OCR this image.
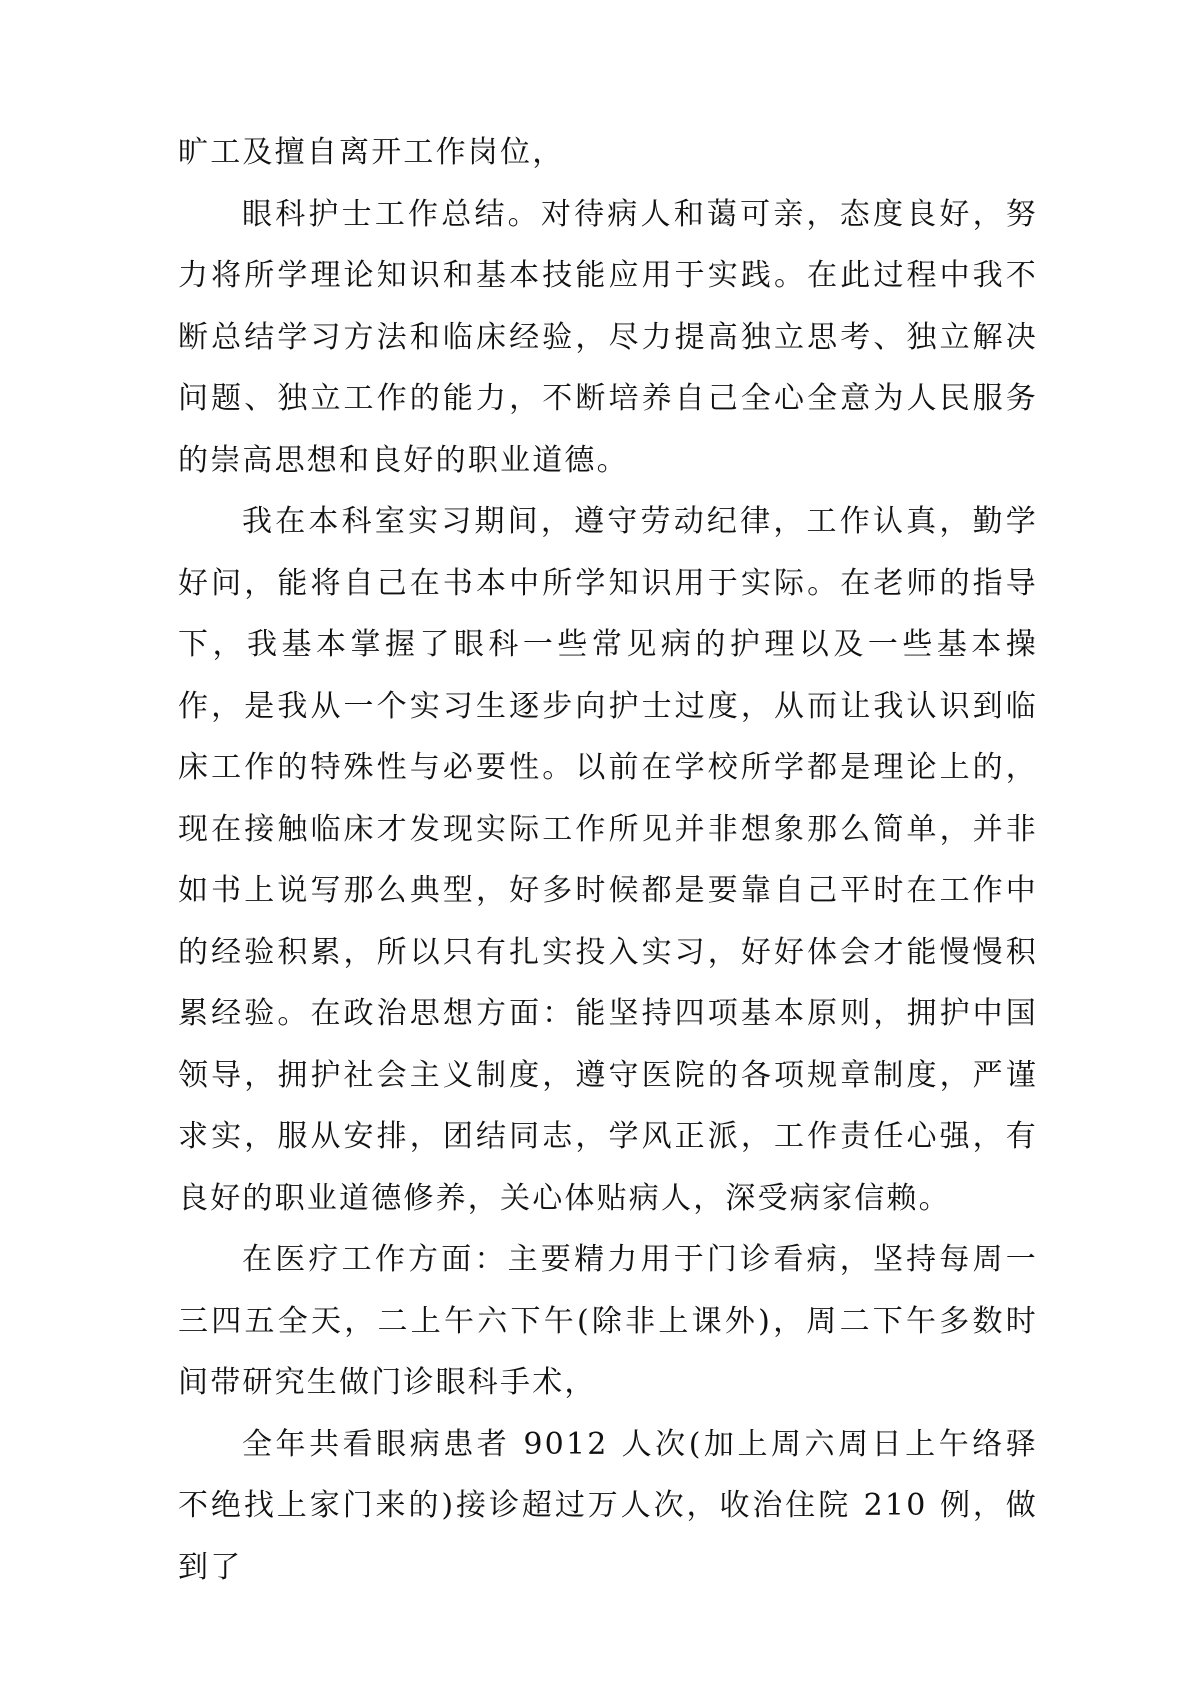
旷工及擅自离开工作岗位，

眼科护士工作总结。对待病人和蔼可亲，态度良好，努力将所学理论知识和基本技能应用于实践。在此过程中我不断总结学习方法和临床经验，尽力提高独立思考、独立解决问题、独立工作的能力，不断培养自己全心全意为人民服务的崇高思想和良好的职业道德。

我在本科室实习期间，遵守劳动纪律，工作认真，勤学好问，能将自己在书本中所学知识用于实际。在老师的指导下，我基本掌握了眼科一些常见病的护理以及一些基本操作，是我从一个实习生逐步向护士过度，从而让我认识到临床工作的特殊性与必要性。以前在学校所学都是理论上的，现在接触临床才发现实际工作所见并非想象那么简单，并非如书上说写那么典型，好多时候都是要靠自己平时在工作中的经验积累，所以只有扎实投入实习，好好体会才能慢慢积累经验。在政治思想方面：能坚持四项基本原则，拥护中国领导，拥护社会主义制度，遵守医院的各项规章制度，严谨求实，服从安排，团结同志，学风正派，工作责任心强，有良好的职业道德修养，关心体贴病人，深受病家信赖。

在医疗工作方面：主要精力用于门诊看病，坚持每周一三四五全天，二上午六下午(除非上课外)，周二下午多数时间带研究生做门诊眼科手术，

全年共看眼病患者 9012 人次(加上周六周日上午络驿不绝找上家门来的)接诊超过万人次，收治住院 210 例，做到了
